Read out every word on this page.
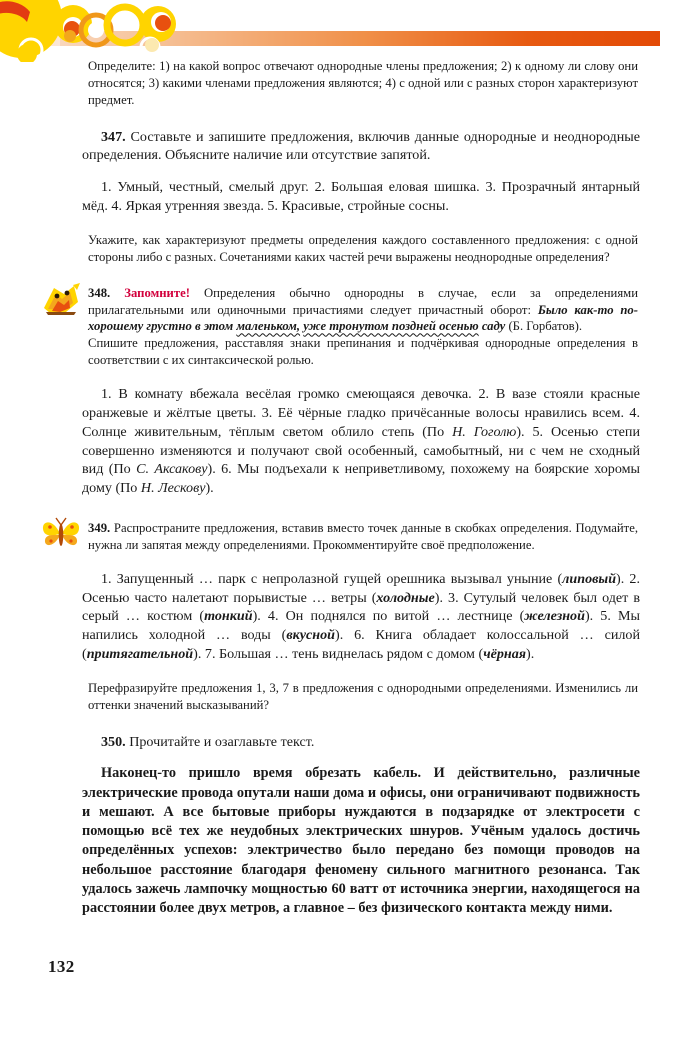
Определите: 1) на какой вопрос отвечают однородные члены предложения; 2) к одному ли слову они относятся; 3) какими членами предложения являются; 4) с одной или с разных сторон характеризуют предмет.

347. Составьте и запишите предложения, включив данные однородные и неоднородные определения. Объясните наличие или отсутствие запятой.

1. Умный, честный, смелый друг. 2. Большая еловая шишка. 3. Прозрачный янтарный мёд. 4. Яркая утренняя звезда. 5. Красивые, стройные сосны.

Укажите, как характеризуют предметы определения каждого составленного предложения: с одной стороны либо с разных. Сочетаниями каких частей речи выражены неоднородные определения?

348. Запомните! Определения обычно однородны в случае, если за определениями прилагательными или одиночными причастиями следует причастный оборот: Было как-то по-хорошему грустно в этом маленьком, уже тронутом поздней осенью саду (Б. Горбатов).

Спишите предложения, расставляя знаки препинания и подчёркивая однородные определения в соответствии с их синтаксической ролью.

1. В комнату вбежала весёлая громко смеющаяся девочка. 2. В вазе стояли красные оранжевые и жёлтые цветы. 3. Её чёрные гладко причёсанные волосы нравились всем. 4. Солнце живительным, тёплым светом облило степь (По Н. Гоголю). 5. Осенью степи совершенно изменяются и получают свой особенный, самобытный, ни с чем не сходный вид (По С. Аксакову). 6. Мы подъехали к неприветливому, похожему на боярские хоромы дому (По Н. Лескову).

349. Распространите предложения, вставив вместо точек данные в скобках определения. Подумайте, нужна ли запятая между определениями. Прокомментируйте своё предположение.

1. Запущенный … парк с непролазной гущей орешника вызывал уныние (липовый). 2. Осенью часто налетают порывистые … ветры (холодные). 3. Сутулый человек был одет в серый … костюм (тонкий). 4. Он поднялся по витой … лестнице (железной). 5. Мы напились холодной … воды (вкусной). 6. Книга обладает колоссальной … силой (притягательной). 7. Большая … тень виднелась рядом с домом (чёрная).

Перефразируйте предложения 1, 3, 7 в предложения с однородными определениями. Изменились ли оттенки значений высказываний?

350. Прочитайте и озаглавьте текст.

Наконец-то пришло время обрезать кабель. И действительно, различные электрические провода опутали наши дома и офисы, они ограничивают подвижность и мешают. А все бытовые приборы нуждаются в подзарядке от электросети с помощью всё тех же неудобных электрических шнуров. Учёным удалось достичь определённых успехов: электричество было передано без помощи проводов на небольшое расстояние благодаря феномену сильного магнитного резонанса. Так удалось зажечь лампочку мощностью 60 ватт от источника энергии, находящегося на расстоянии более двух метров, а главное – без физического контакта между ними.

132
